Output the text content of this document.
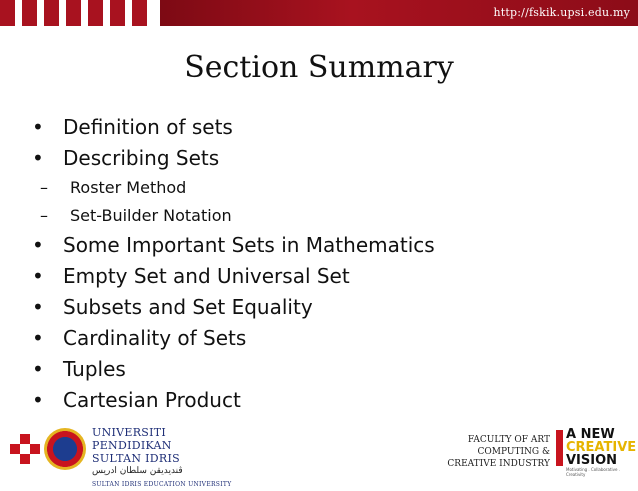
http://fskik.upsi.edu.my
Section Summary
• Definition of sets
• Describing Sets
– Roster Method
– Set-Builder Notation
• Some Important Sets in Mathematics
• Empty Set and Universal Set
• Subsets and Set Equality
• Cardinality of Sets
• Tuples
• Cartesian Product
UNIVERSITI
PENDIDIKAN
SULTAN IDRIS
ڤندیدیقن سلطان ادريس
SULTAN IDRIS EDUCATION UNIVERSITY
FACULTY OF ART
COMPUTING &
CREATIVE INDUSTRY
A NEW
CREATIVE
VISION
Motivating . Collaborative . Creativity
